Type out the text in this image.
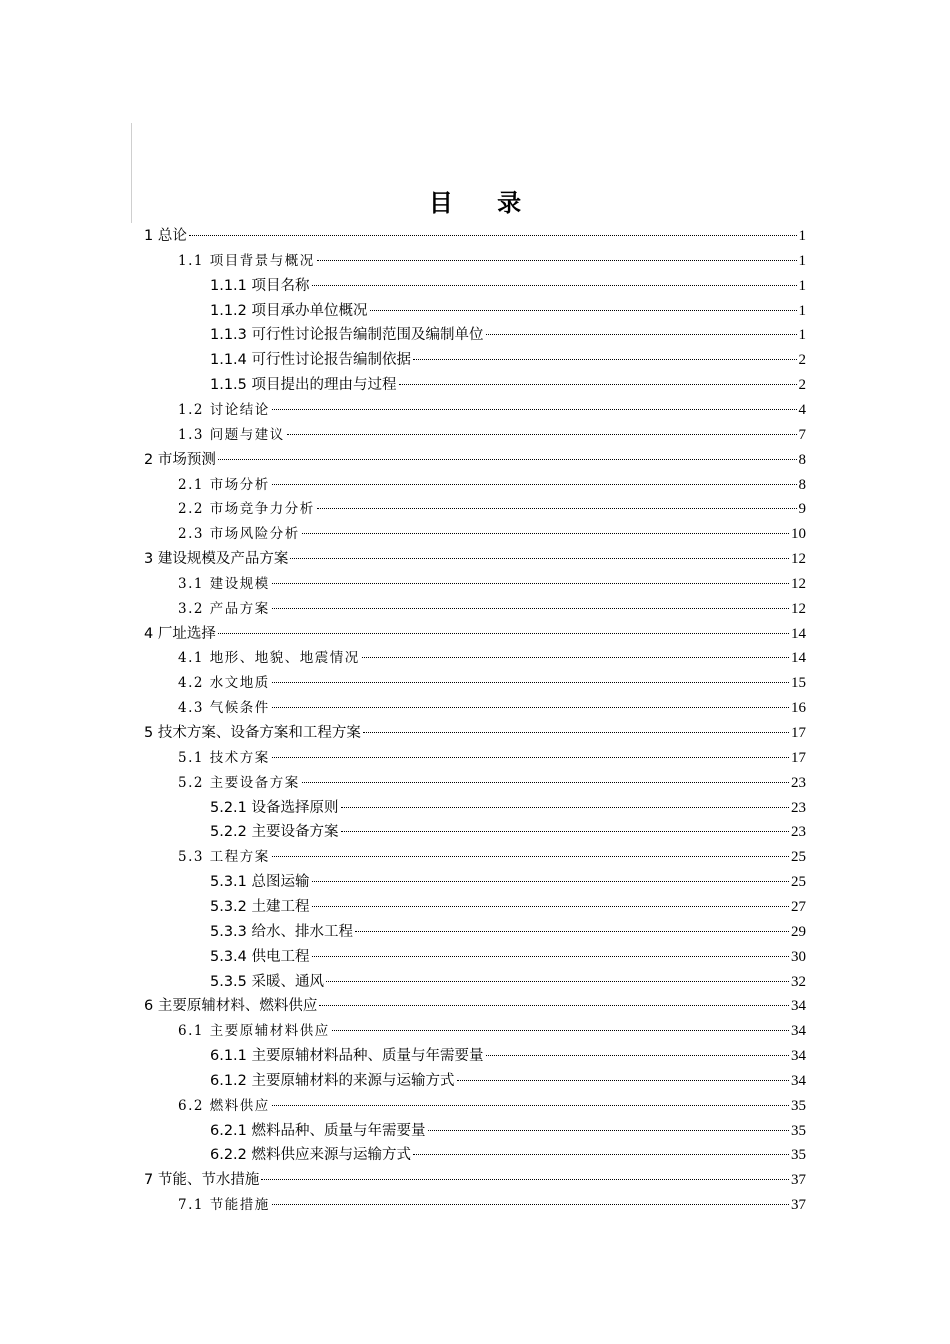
目 录
1 总论	1
1.1 项目背景与概况	1
1.1.1 项目名称	1
1.1.2 项目承办单位概况	1
1.1.3 可行性讨论报告编制范围及编制单位	1
1.1.4 可行性讨论报告编制依据	2
1.1.5 项目提出的理由与过程	2
1.2 讨论结论	4
1.3 问题与建议	7
2 市场预测	8
2.1 市场分析	8
2.2 市场竞争力分析	9
2.3 市场风险分析	10
3 建设规模及产品方案	12
3.1 建设规模	12
3.2 产品方案	12
4 厂址选择	14
4.1 地形、地貌、地震情况	14
4.2 水文地质	15
4.3 气候条件	16
5 技术方案、设备方案和工程方案	17
5.1 技术方案	17
5.2 主要设备方案	23
5.2.1 设备选择原则	23
5.2.2 主要设备方案	23
5.3 工程方案	25
5.3.1 总图运输	25
5.3.2 土建工程	27
5.3.3 给水、排水工程	29
5.3.4 供电工程	30
5.3.5 采暖、通风	32
6 主要原辅材料、燃料供应	34
6.1 主要原辅材料供应	34
6.1.1 主要原辅材料品种、质量与年需要量	34
6.1.2 主要原辅材料的来源与运输方式	34
6.2 燃料供应	35
6.2.1 燃料品种、质量与年需要量	35
6.2.2 燃料供应来源与运输方式	35
7 节能、节水措施	37
7.1 节能措施	37
